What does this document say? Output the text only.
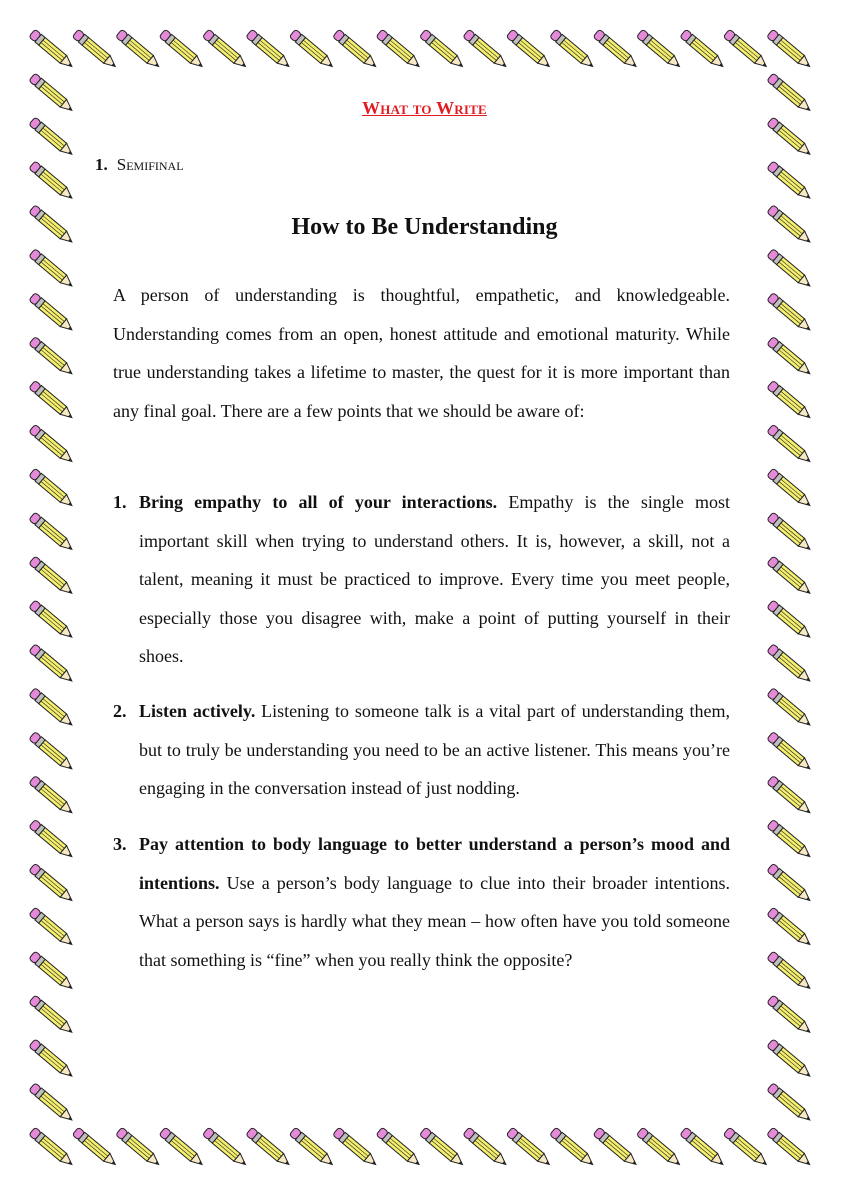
What to Write
1. Semifinal
How to Be Understanding
A person of understanding is thoughtful, empathetic, and knowledgeable. Understanding comes from an open, honest attitude and emotional maturity. While true understanding takes a lifetime to master, the quest for it is more important than any final goal. There are a few points that we should be aware of:
1. Bring empathy to all of your interactions. Empathy is the single most important skill when trying to understand others. It is, however, a skill, not a talent, meaning it must be practiced to improve. Every time you meet people, especially those you disagree with, make a point of putting yourself in their shoes.
2. Listen actively. Listening to someone talk is a vital part of understanding them, but to truly be understanding you need to be an active listener. This means you’re engaging in the conversation instead of just nodding.
3. Pay attention to body language to better understand a person’s mood and intentions. Use a person’s body language to clue into their broader intentions. What a person says is hardly what they mean – how often have you told someone that something is “fine” when you really think the opposite?
